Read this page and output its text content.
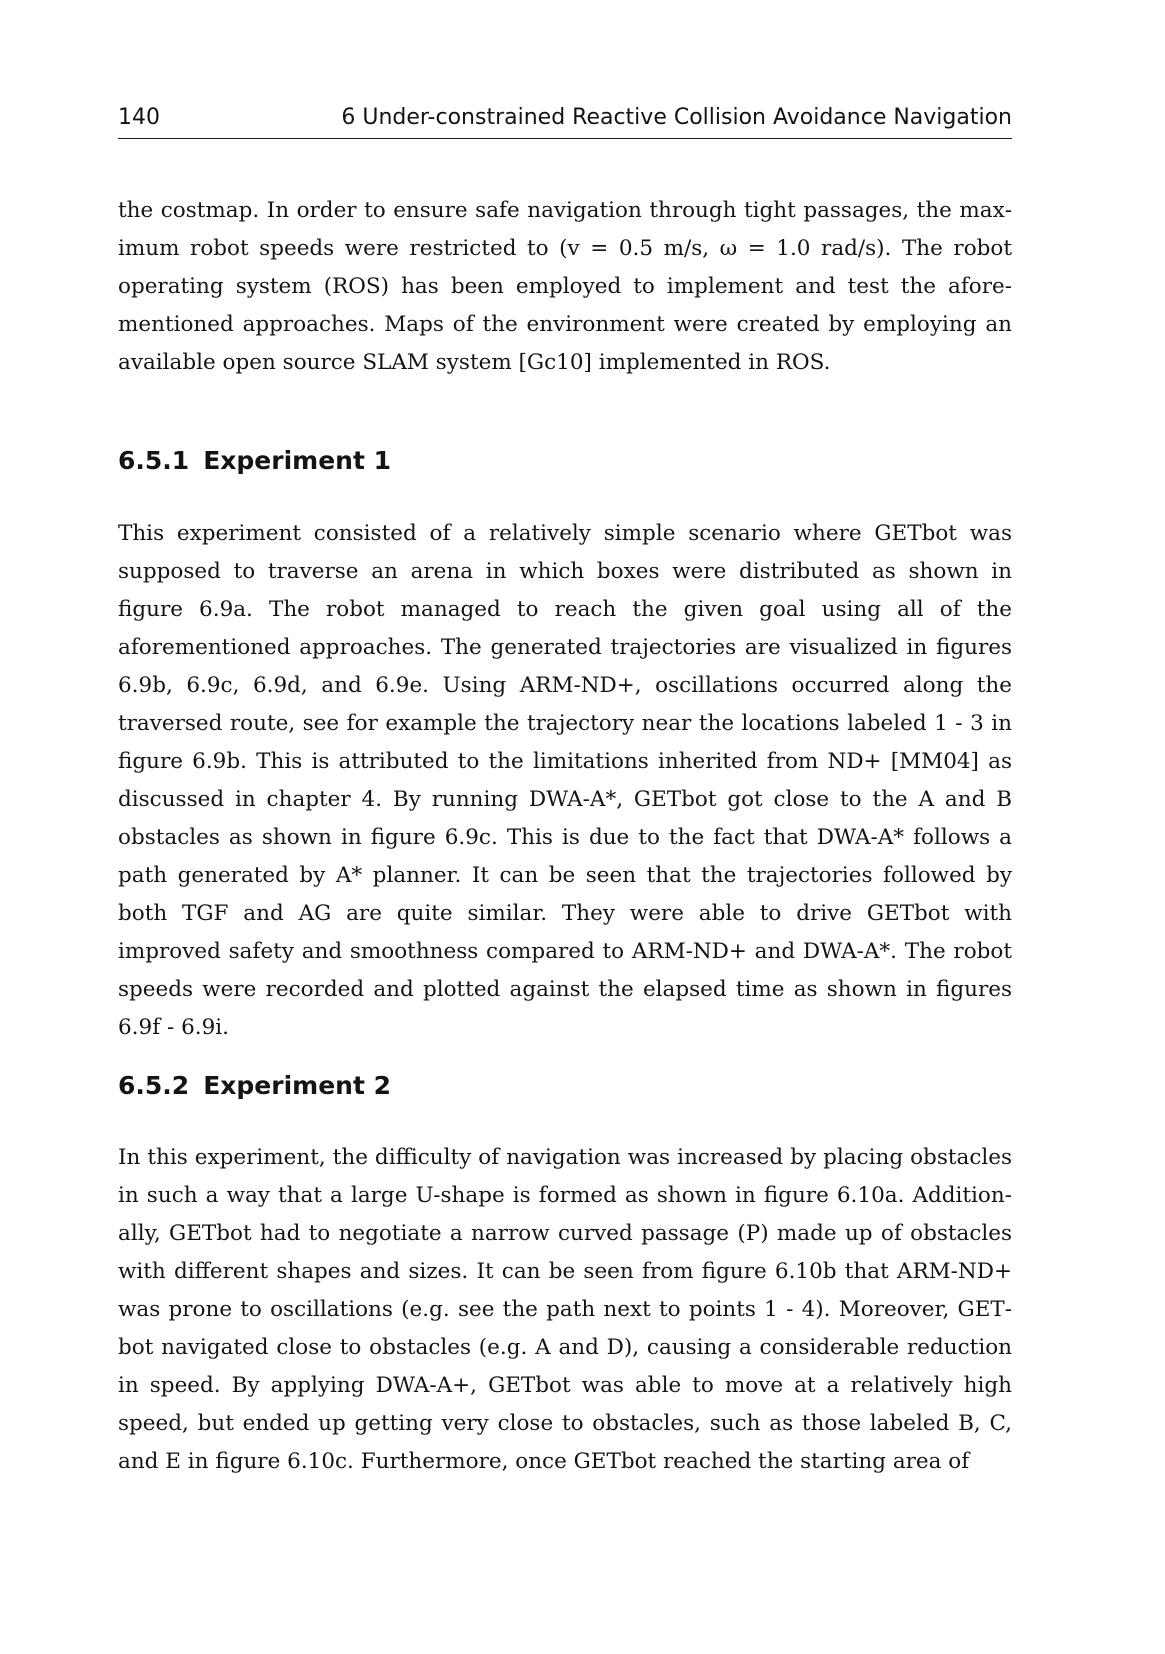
140	6 Under-constrained Reactive Collision Avoidance Navigation

the costmap. In order to ensure safe navigation through tight passages, the maximum robot speeds were restricted to (v = 0.5 m/s, ω = 1.0 rad/s). The robot operating system (ROS) has been employed to implement and test the aforementioned approaches. Maps of the environment were created by employing an available open source SLAM system [Gc10] implemented in ROS.

6.5.1 Experiment 1

This experiment consisted of a relatively simple scenario where GETbot was supposed to traverse an arena in which boxes were distributed as shown in figure 6.9a. The robot managed to reach the given goal using all of the aforementioned approaches. The generated trajectories are visualized in figures 6.9b, 6.9c, 6.9d, and 6.9e. Using ARM-ND+, oscillations occurred along the traversed route, see for example the trajectory near the locations labeled 1 - 3 in figure 6.9b. This is attributed to the limitations inherited from ND+ [MM04] as discussed in chapter 4. By running DWA-A*, GETbot got close to the A and B obstacles as shown in figure 6.9c. This is due to the fact that DWA-A* follows a path generated by A* planner. It can be seen that the trajectories followed by both TGF and AG are quite similar. They were able to drive GETbot with improved safety and smoothness compared to ARM-ND+ and DWA-A*. The robot speeds were recorded and plotted against the elapsed time as shown in figures 6.9f - 6.9i.

6.5.2 Experiment 2

In this experiment, the difficulty of navigation was increased by placing obstacles in such a way that a large U-shape is formed as shown in figure 6.10a. Additionally, GETbot had to negotiate a narrow curved passage (P) made up of obstacles with different shapes and sizes. It can be seen from figure 6.10b that ARM-ND+ was prone to oscillations (e.g. see the path next to points 1 - 4). Moreover, GETbot navigated close to obstacles (e.g. A and D), causing a considerable reduction in speed. By applying DWA-A+, GETbot was able to move at a relatively high speed, but ended up getting very close to obstacles, such as those labeled B, C, and E in figure 6.10c. Furthermore, once GETbot reached the starting area of
